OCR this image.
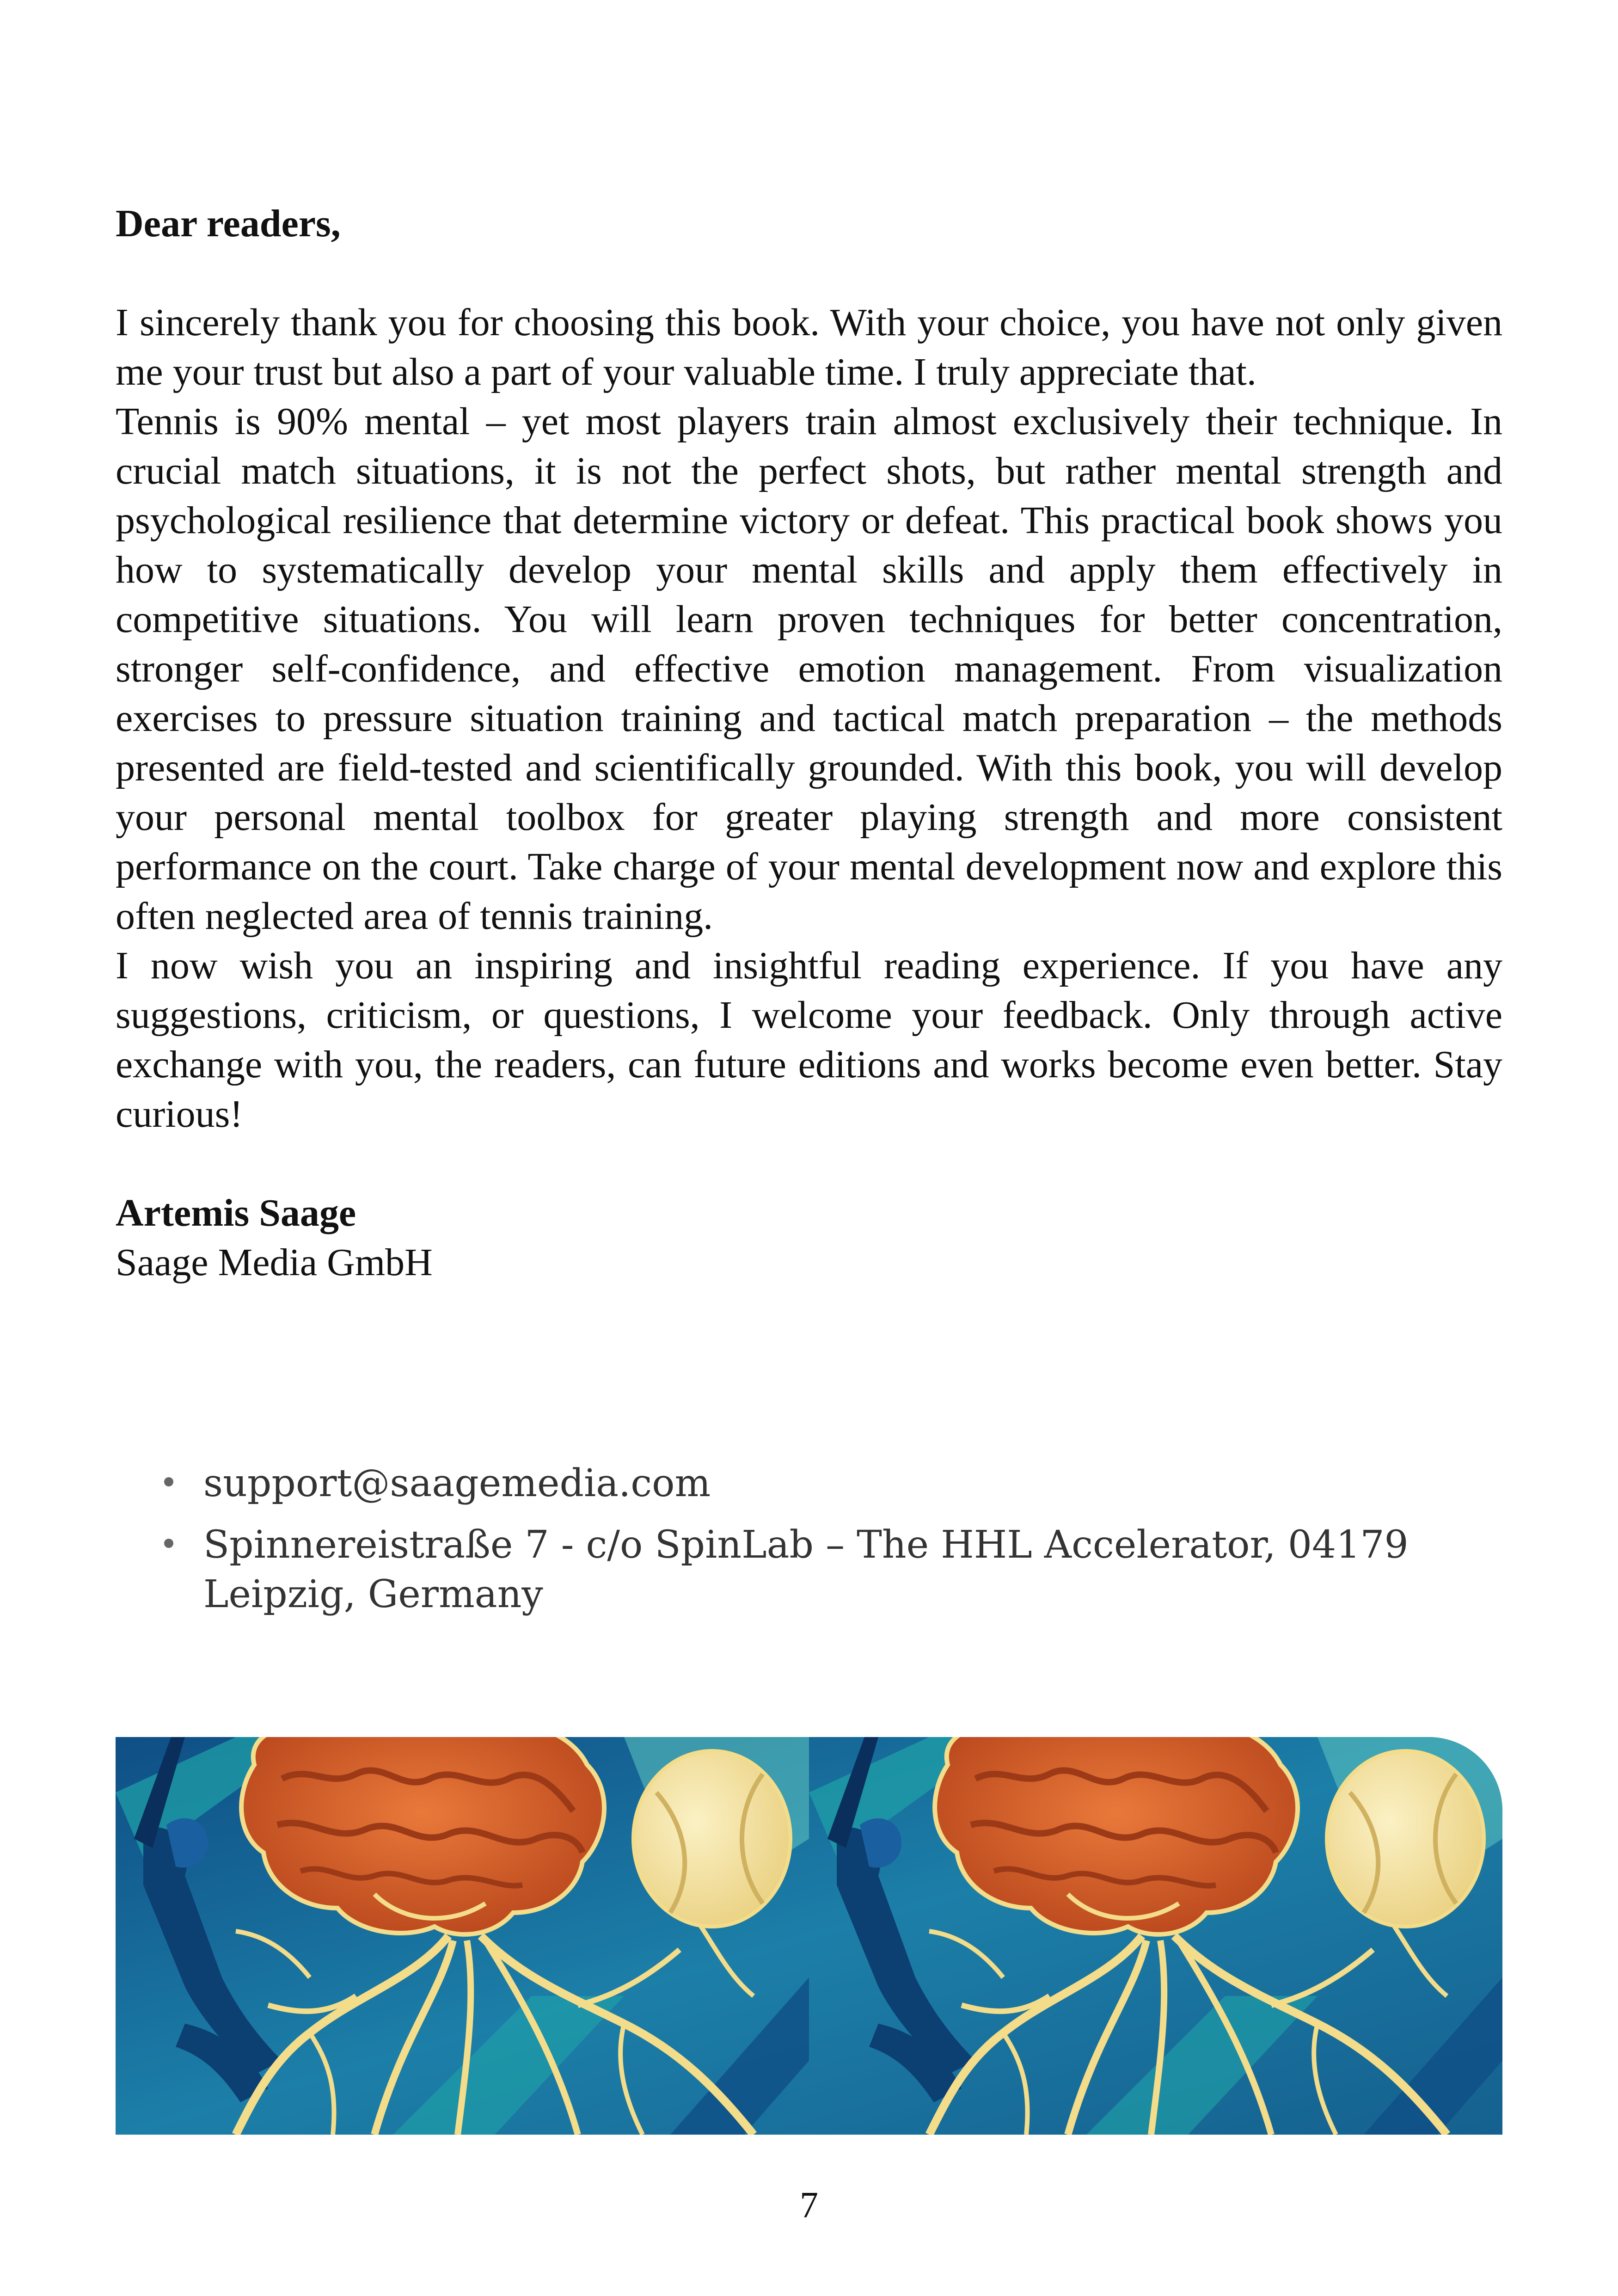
Dear readers,

I sincerely thank you for choosing this book. With your choice, you have not only given me your trust but also a part of your valuable time. I truly appreciate that.

Tennis is 90% mental – yet most players train almost exclusively their technique. In crucial match situations, it is not the perfect shots, but rather mental strength and psychological resilience that determine victory or defeat. This practical book shows you how to systematically develop your mental skills and apply them effectively in competitive situations. You will learn proven techniques for better concentration, stronger self-confidence, and effective emotion management. From visualization exercises to pressure situation training and tactical match preparation – the methods presented are field-tested and scientifically grounded. With this book, you will develop your personal mental toolbox for greater playing strength and more consistent performance on the court. Take charge of your mental development now and explore this often neglected area of tennis training.

I now wish you an inspiring and insightful reading experience. If you have any suggestions, criticism, or questions, I welcome your feedback. Only through active exchange with you, the readers, can future editions and works become even better. Stay curious!

Artemis Saage
Saage Media GmbH
support@saagemedia.com
Spinnereistraße 7 - c/o SpinLab – The HHL Accelerator, 04179 Leipzig, Germany
7
